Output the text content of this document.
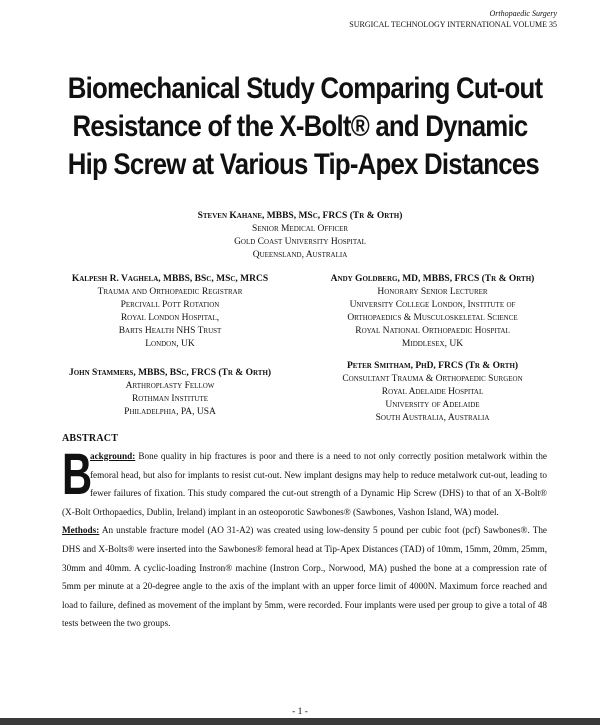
Orthopaedic Surgery
SURGICAL TECHNOLOGY INTERNATIONAL VOLUME 35
Biomechanical Study Comparing Cut-out
Resistance of the X-Bolt® and Dynamic
Hip Screw at Various Tip-Apex Distances
Steven Kahane, MBBS, MSc, FRCS (Tr & Orth)
Senior Medical Officer
Gold Coast University Hospital
Queensland, Australia
Kalpesh R. Vaghela, MBBS, BSc, MSc, MRCS
Trauma and Orthopaedic Registrar
Percivall Pott Rotation
Royal London Hospital,
Barts Health NHS Trust
London, UK
Andy Goldberg, MD, MBBS, FRCS (Tr & Orth)
Honorary Senior Lecturer
University College London, Institute of
Orthopaedics & Musculoskeletal Science
Royal National Orthopaedic Hospital
Middlesex, UK
John Stammers, MBBS, BSc, FRCS (Tr & Orth)
Arthroplasty Fellow
Rothman Institute
Philadelphia, PA, USA
Peter Smitham, PhD, FRCS (Tr & Orth)
Consultant Trauma & Orthopaedic Surgeon
Royal Adelaide Hospital
University of Adelaide
South Australia, Australia
ABSTRACT

B
ackground: Bone quality in hip fractures is poor and there is a need to not only correctly position metalwork within the femoral head, but also for implants to resist cut-out. New implant designs may help to reduce metalwork cut-out, leading to fewer failures of fixation. This study compared the cut-out strength of a Dynamic Hip Screw (DHS) to that of an X-Bolt® (X-Bolt Orthopaedics, Dublin, Ireland) implant in an osteoporotic Sawbones® (Sawbones, Vashon Island, WA) model.

Methods: An unstable fracture model (AO 31-A2) was created using low-density 5 pound per cubic foot (pcf) Sawbones®. The DHS and X-Bolts® were inserted into the Sawbones® femoral head at Tip-Apex Distances (TAD) of 10mm, 15mm, 20mm, 25mm, 30mm and 40mm. A cyclic-loading Instron® machine (Instron Corp., Norwood, MA) pushed the bone at a compression rate of 5mm per minute at a 20-degree angle to the axis of the implant with an upper force limit of 4000N. Maximum force reached and load to failure, defined as movement of the implant by 5mm, were recorded. Four implants were used per group to give a total of 48 tests between the two groups.

- 1 -
